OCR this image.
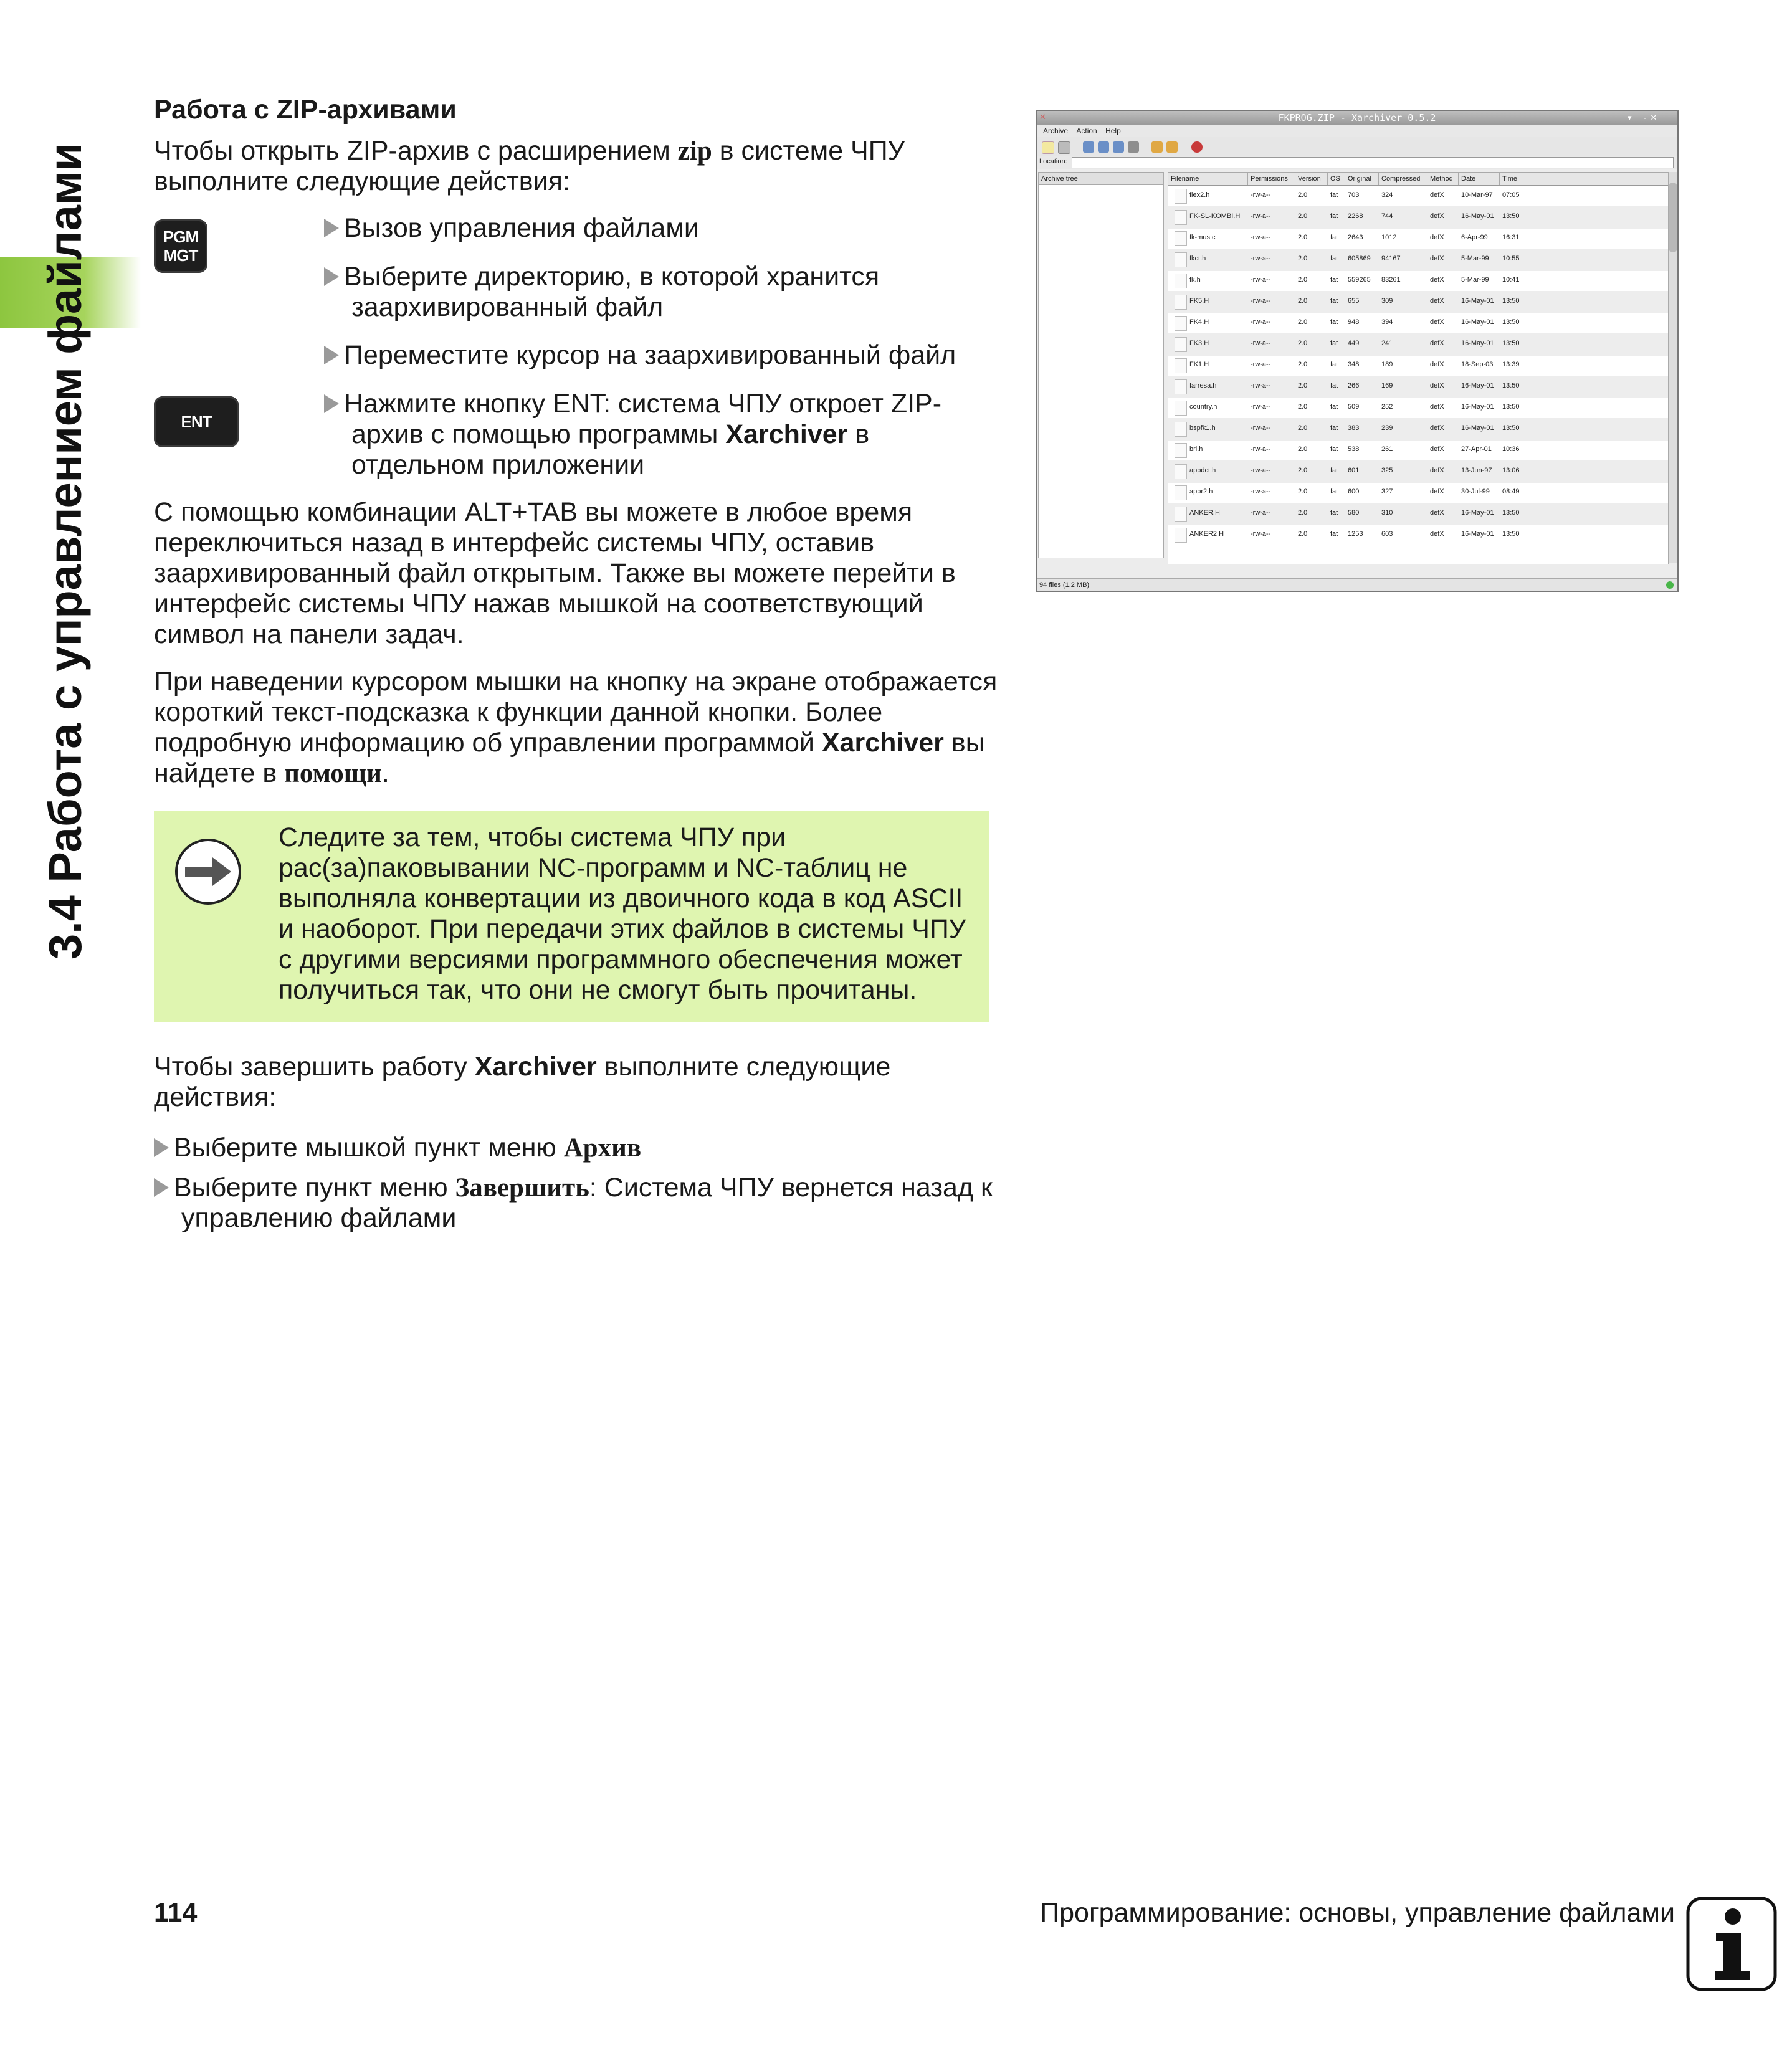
3.4 Работа с управлением файлами
Работа с ZIP-архивами
Чтобы открыть ZIP-архив с расширением zip в системе ЧПУ выполните следующие действия:
PGM MGT
ENT
Вызов управления файлами
Выберите директорию, в которой хранится
заархивированный файл
Переместите курсор на заархивированный файл
Нажмите кнопку ENT: система ЧПУ откроет ZIP-
архив с помощью программы Xarchiver в
отдельном приложении
С помощью комбинации ALT+TAB вы можете в любое время переключиться назад в интерфейс системы ЧПУ, оставив заархивированный файл открытым. Также вы можете перейти в интерфейс системы ЧПУ нажав мышкой на соответствующий символ на панели задач.
При наведении курсором мышки на кнопку на экране отображается короткий текст-подсказка к функции данной кнопки. Более подробную информацию об управлении программой Xarchiver вы найдете в помощи.
Следите за тем, чтобы система ЧПУ при рас(за)паковывании NC-программ и NC-таблиц не выполняла конвертации из двоичного кода в код ASCII и наоборот. При передачи этих файлов в системы ЧПУ с другими версиями программного обеспечения может получиться так, что они не смогут быть прочитаны.
Чтобы завершить работу Xarchiver выполните следующие действия:
Выберите мышкой пункт меню Архив
Выберите пункт меню Завершить: Система ЧПУ вернется назад к управлению файлами
FKPROG.ZIP - Xarchiver 0.5.2
✕	▾–▫✕
Archive Action Help
Location:
Archive tree	Filename	Permissions	Version	OS	Original	Compressed	Method	Date	Time
flex2.h	-rw-a--	2.0	fat 703	324	defX 10-Mar-97 07:05
FK-SL-KOMBI.H -rw-a--	2.0	fat 2268	744	defX 16-May-01 13:50
fk-mus.c	-rw-a--	2.0	fat 2643	1012	defX 6-Apr-99 16:31
fkct.h	-rw-a--	2.0	fat 605869 94167	defX 5-Mar-99 10:55
fk.h	-rw-a--	2.0	fat 559265 83261	defX 5-Mar-99 10:41
FK5.H	-rw-a--	2.0	fat 655	309	defX 16-May-01 13:50
FK4.H	-rw-a--	2.0	fat 948	394	defX 16-May-01 13:50
FK3.H	-rw-a--	2.0	fat 449	241	defX 16-May-01 13:50
FK1.H	-rw-a--	2.0	fat 348	189	defX 18-Sep-03 13:39
farresa.h	-rw-a--	2.0	fat 266	169	defX 16-May-01 13:50
country.h	-rw-a--	2.0	fat 509	252	defX 16-May-01 13:50
bspfk1.h	-rw-a--	2.0	fat 383	239	defX 16-May-01 13:50
bri.h	-rw-a--	2.0	fat 538	261	defX 27-Apr-01 10:36
appdct.h	-rw-a--	2.0	fat 601	325	defX 13-Jun-97 13:06
appr2.h	-rw-a--	2.0	fat 600	327	defX 30-Jul-99 08:49
ANKER.H	-rw-a--	2.0	fat 580	310	defX 16-May-01 13:50
ANKER2.H	-rw-a--	2.0	fat 1253	603	defX 16-May-01 13:50
94 files (1.2 MB)
114	Программирование: основы, управление файлами
